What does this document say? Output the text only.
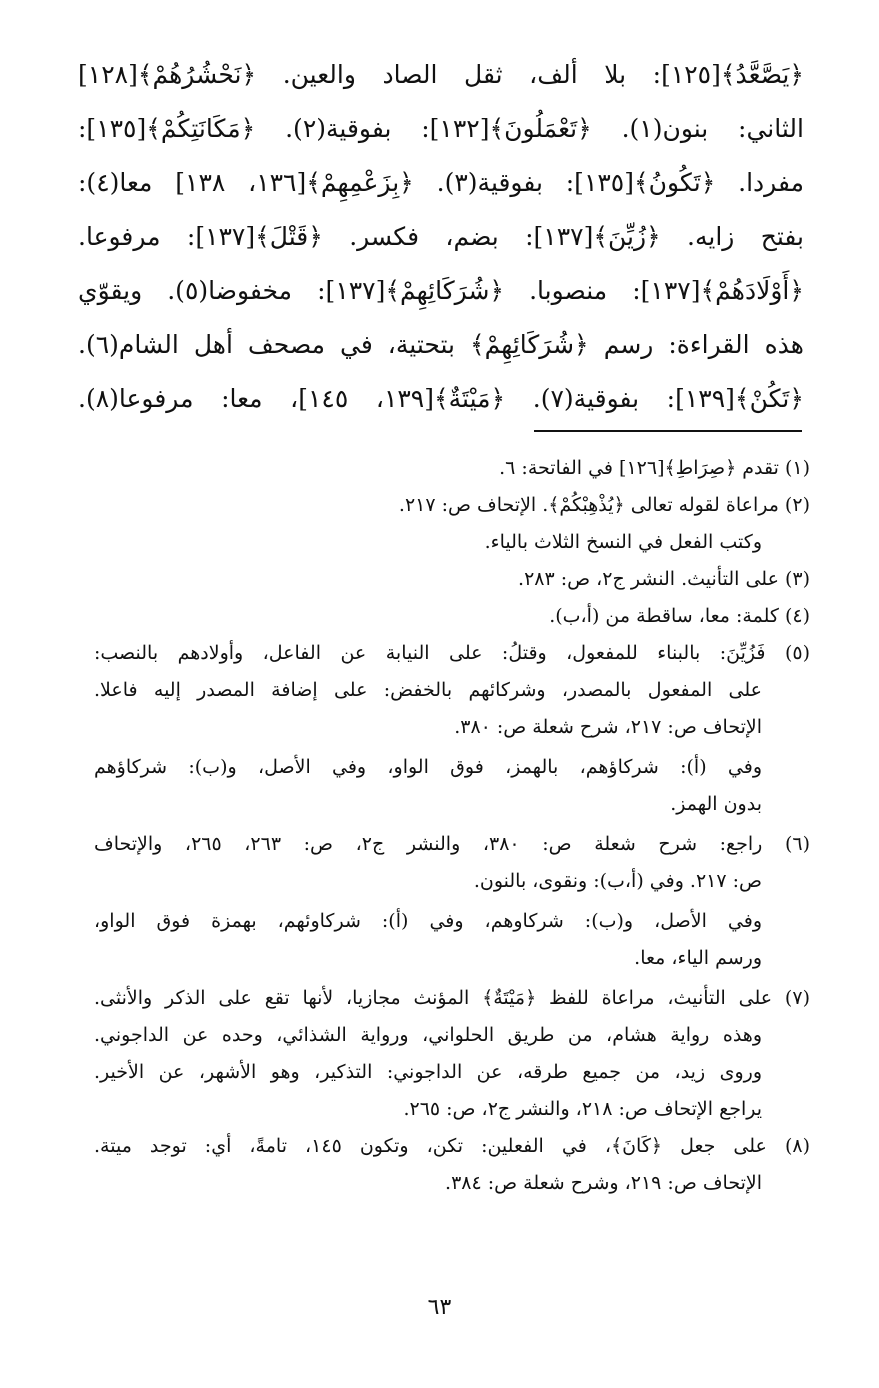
﴿يَصَّعَّدُ﴾[١٢٥]: بلا ألف، ثقل الصاد والعين. ﴿نَحْشُرُهُمْ﴾[١٢٨]
الثاني: بنون(١). ﴿تَعْمَلُونَ﴾[١٣٢]: بفوقية(٢). ﴿مَكَانَتِكُمْ﴾[١٣٥]:
مفردا. ﴿تَكُونُ﴾[١٣٥]: بفوقية(٣). ﴿بِزَعْمِهِمْ﴾[١٣٦، ١٣٨] معا(٤):
بفتح زايه. ﴿زُيِّنَ﴾[١٣٧]: بضم، فكسر. ﴿قَتْلَ﴾[١٣٧]: مرفوعا.
﴿أَوْلَادَهُمْ﴾[١٣٧]: منصوبا. ﴿شُرَكَائِهِمْ﴾[١٣٧]: مخفوضا(٥). ويقوّي
هذه القراءة: رسم ﴿شُرَكَائِهِمْ﴾ بتحتية، في مصحف أهل الشام(٦).
﴿تَكُنْ﴾[١٣٩]: بفوقية(٧). ﴿مَيْتَةٌ﴾[١٣٩، ١٤٥]، معا: مرفوعا(٨).
(١) تقدم ﴿صِرَاطِ﴾[١٢٦] في الفاتحة: ٦.
(٢) مراعاة لقوله تعالى ﴿يُذْهِبْكُمْ﴾. الإتحاف ص: ٢١٧.
وكتب الفعل في النسخ الثلاث بالياء.
(٣) على التأنيث. النشر ج٢، ص: ٢٨٣.
(٤) كلمة: معا، ساقطة من (أ،ب).
(٥) فَزُيِّنَ: بالبناء للمفعول، وقتلُ: على النيابة عن الفاعل، وأولادهم بالنصب:
على المفعول بالمصدر، وشركائهم بالخفض: على إضافة المصدر إليه فاعلا.
الإتحاف ص: ٢١٧، شرح شعلة ص: ٣٨٠.
وفي (أ): شركاؤهم، بالهمز، فوق الواو، وفي الأصل، و(ب): شركاؤهم
بدون الهمز.
(٦) راجع: شرح شعلة ص: ٣٨٠، والنشر ج٢، ص: ٢٦٣، ٢٦٥، والإتحاف
ص: ٢١٧. وفي (أ،ب): ونقوى، بالنون.
وفي الأصل، و(ب): شركاوهم، وفي (أ): شركاوئهم، بهمزة فوق الواو،
ورسم الياء، معا.
(٧) على التأنيث، مراعاة للفظ ﴿مَيْتَةٌ﴾ المؤنث مجازيا، لأنها تقع على الذكر والأنثى.
وهذه رواية هشام، من طريق الحلواني، ورواية الشذائي، وحده عن الداجوني.
وروى زيد، من جميع طرقه، عن الداجوني: التذكير، وهو الأشهر، عن الأخير.
يراجع الإتحاف ص: ٢١٨، والنشر ج٢، ص: ٢٦٥.
(٨) على جعل ﴿كَانَ﴾، في الفعلين: تكن، وتكون ١٤٥، تامةً، أي: توجد ميتة.
الإتحاف ص: ٢١٩، وشرح شعلة ص: ٣٨٤.
٦٣
